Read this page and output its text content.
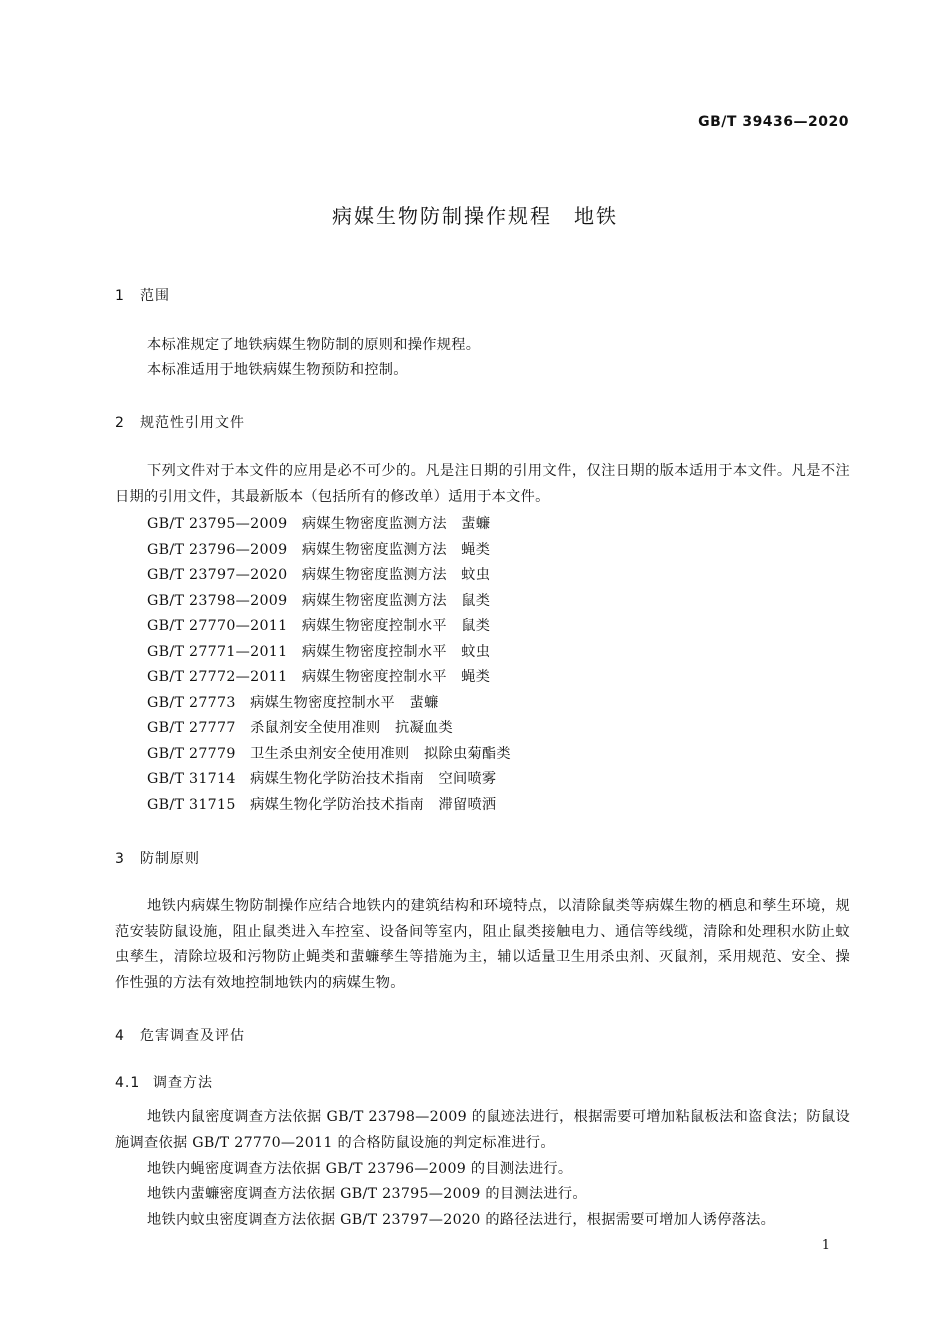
GB/T 39436—2020
病媒生物防制操作规程　地铁
1 范围

本标准规定了地铁病媒生物防制的原则和操作规程。

本标准适用于地铁病媒生物预防和控制。

2 规范性引用文件

下列文件对于本文件的应用是必不可少的。凡是注日期的引用文件，仅注日期的版本适用于本文件。凡是不注日期的引用文件，其最新版本（包括所有的修改单）适用于本文件。

GB/T 23795—2009　病媒生物密度监测方法　蜚蠊
GB/T 23796—2009　病媒生物密度监测方法　蝇类
GB/T 23797—2020　病媒生物密度监测方法　蚊虫
GB/T 23798—2009　病媒生物密度监测方法　鼠类
GB/T 27770—2011　病媒生物密度控制水平　鼠类
GB/T 27771—2011　病媒生物密度控制水平　蚊虫
GB/T 27772—2011　病媒生物密度控制水平　蝇类
GB/T 27773　病媒生物密度控制水平　蜚蠊
GB/T 27777　杀鼠剂安全使用准则　抗凝血类
GB/T 27779　卫生杀虫剂安全使用准则　拟除虫菊酯类
GB/T 31714　病媒生物化学防治技术指南　空间喷雾
GB/T 31715　病媒生物化学防治技术指南　滞留喷洒
3 防制原则

地铁内病媒生物防制操作应结合地铁内的建筑结构和环境特点，以清除鼠类等病媒生物的栖息和孳生环境，规范安装防鼠设施，阻止鼠类进入车控室、设备间等室内，阻止鼠类接触电力、通信等线缆，清除和处理积水防止蚊虫孳生，清除垃圾和污物防止蝇类和蜚蠊孳生等措施为主，辅以适量卫生用杀虫剂、灭鼠剂，采用规范、安全、操作性强的方法有效地控制地铁内的病媒生物。

4 危害调查及评估
4.1 调查方法

地铁内鼠密度调查方法依据 GB/T 23798—2009 的鼠迹法进行，根据需要可增加粘鼠板法和盗食法；防鼠设施调查依据 GB/T 27770—2011 的合格防鼠设施的判定标准进行。

地铁内蝇密度调查方法依据 GB/T 23796—2009 的目测法进行。

地铁内蜚蠊密度调查方法依据 GB/T 23795—2009 的目测法进行。

地铁内蚊虫密度调查方法依据 GB/T 23797—2020 的路径法进行，根据需要可增加人诱停落法。

1
